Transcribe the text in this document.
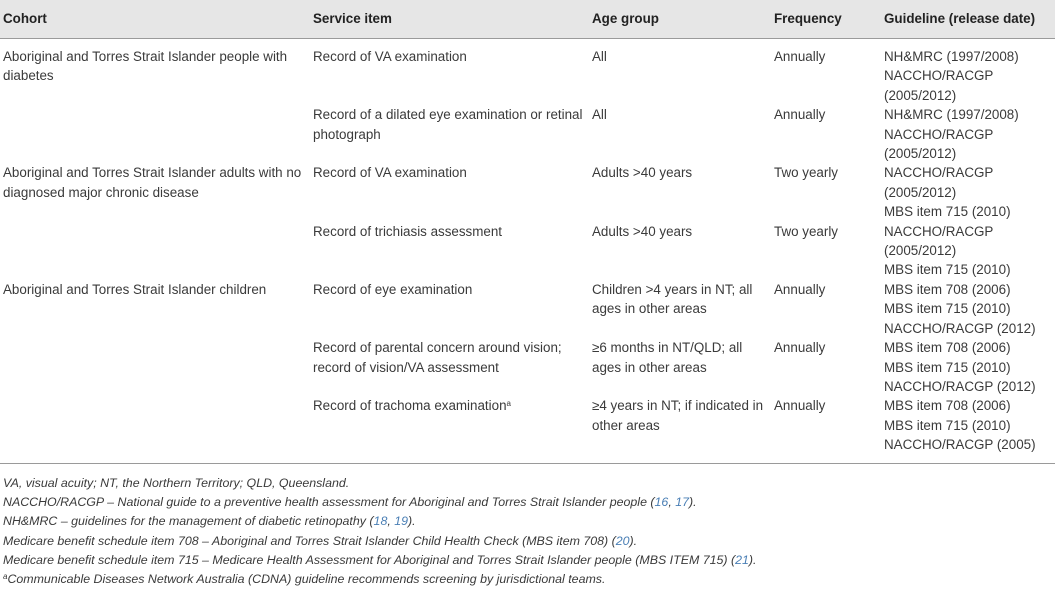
Cohort	Service item	Age group	Frequency	Guideline (release date)
Aboriginal and Torres Strait Islander people with diabetes	Record of VA examination	All	Annually	NH&MRC (1997/2008)
NACCHO/RACGP (2005/2012)

	Record of a dilated eye examination or retinal photograph	All	Annually	NH&MRC (1997/2008)
NACCHO/RACGP (2005/2012)

Aboriginal and Torres Strait Islander adults with no diagnosed major chronic disease	Record of VA examination	Adults >40 years	Two yearly	NACCHO/RACGP (2005/2012)
MBS item 715 (2010)

	Record of trichiasis assessment	Adults >40 years	Two yearly	NACCHO/RACGP (2005/2012)
MBS item 715 (2010)

Aboriginal and Torres Strait Islander children	Record of eye examination	Children >4 years in NT; all ages in other areas	Annually	MBS item 708 (2006)
MBS item 715 (2010)
NACCHO/RACGP (2012)

	Record of parental concern around vision; record of vision/VA assessment	≥6 months in NT/QLD; all ages in other areas	Annually	MBS item 708 (2006)
MBS item 715 (2010)
NACCHO/RACGP (2012)

	Record of trachoma examination$^a$	≥4 years in NT; if indicated in other areas	Annually	MBS item 708 (2006)
MBS item 715 (2010)
NACCHO/RACGP (2005)
VA, visual acuity; NT, the Northern Territory; QLD, Queensland.
NACCHO/RACGP – National guide to a preventive health assessment for Aboriginal and Torres Strait Islander people (16, 17).
NH&MRC – guidelines for the management of diabetic retinopathy (18, 19).
Medicare benefit schedule item 708 – Aboriginal and Torres Strait Islander Child Health Check (MBS item 708) (20).
Medicare benefit schedule item 715 – Medicare Health Assessment for Aboriginal and Torres Strait Islander people (MBS ITEM 715) (21).
$^a$Communicable Diseases Network Australia (CDNA) guideline recommends screening by jurisdictional teams.
